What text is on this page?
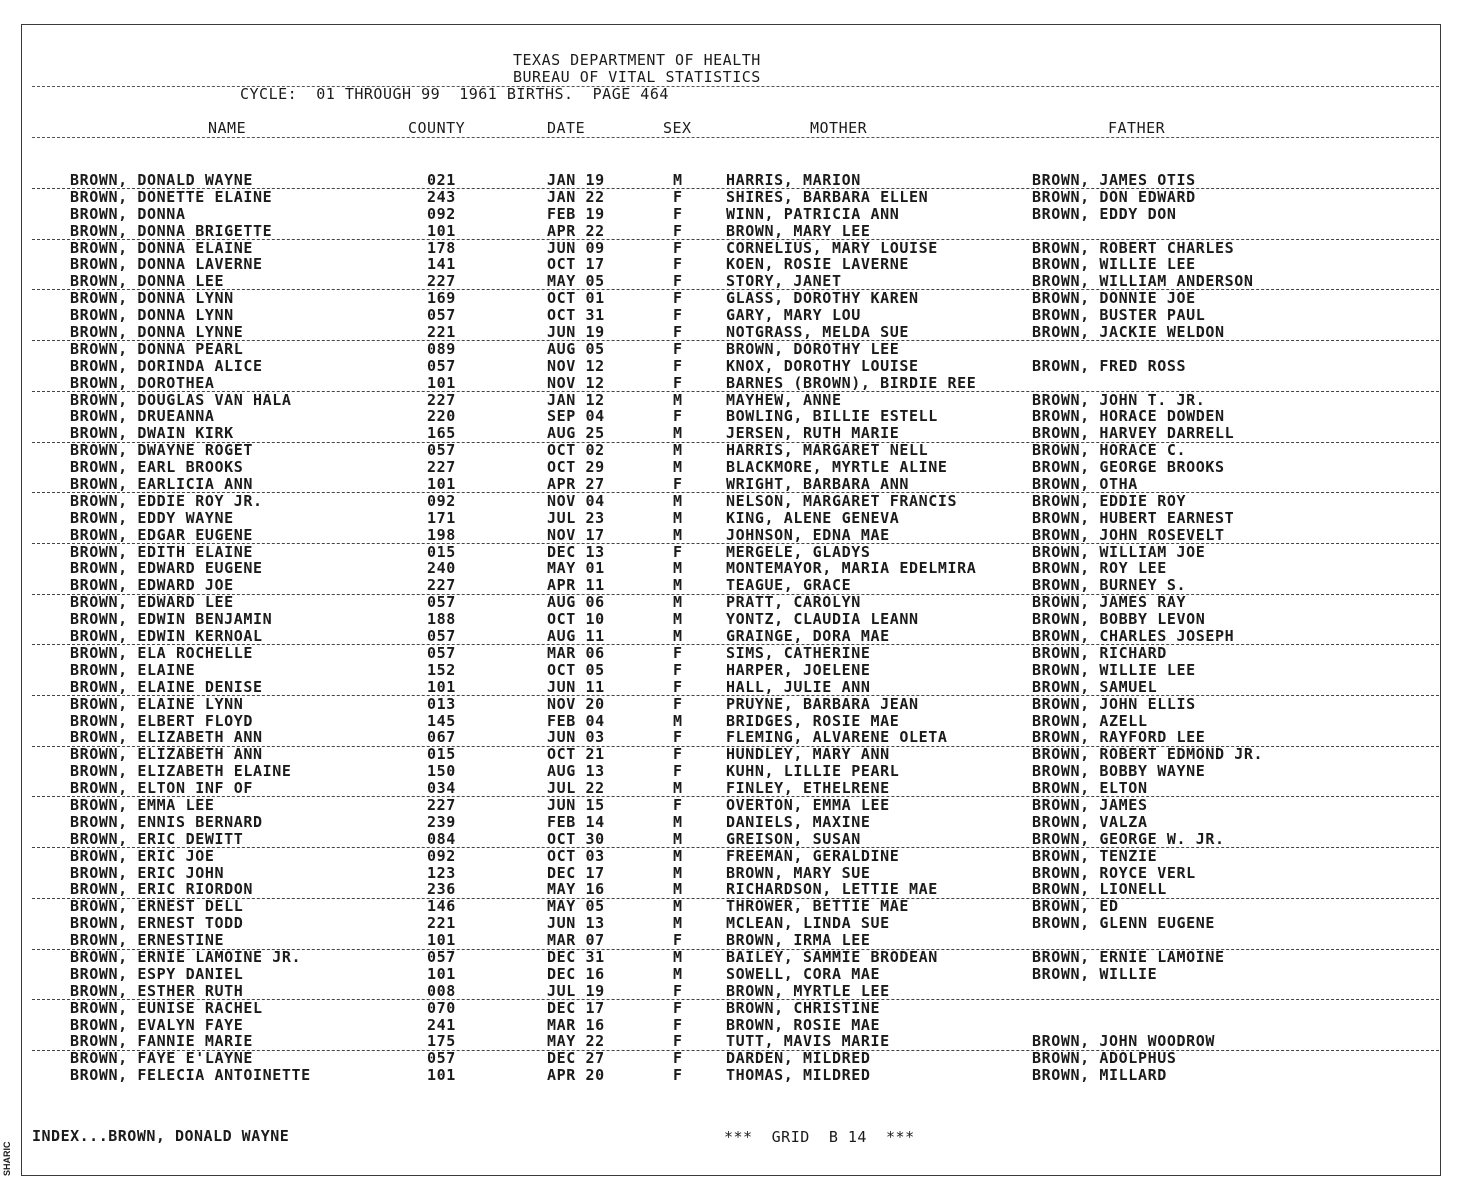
TEXAS DEPARTMENT OF HEALTH
BUREAU OF VITAL STATISTICS
CYCLE:  01 THROUGH 99  1961 BIRTHS.  PAGE 464
NAME	COUNTY	DATE	SEX	MOTHER	FATHER
BROWN, DONALD WAYNE	021	JAN 19	M	HARRIS, MARION	BROWN, JAMES OTIS
BROWN, DONETTE ELAINE	243	JAN 22	F	SHIRES, BARBARA ELLEN	BROWN, DON EDWARD
BROWN, DONNA	092	FEB 19	F	WINN, PATRICIA ANN	BROWN, EDDY DON
BROWN, DONNA BRIGETTE	101	APR 22	F	BROWN, MARY LEE
BROWN, DONNA ELAINE	178	JUN 09	F	CORNELIUS, MARY LOUISE	BROWN, ROBERT CHARLES
BROWN, DONNA LAVERNE	141	OCT 17	F	KOEN, ROSIE LAVERNE	BROWN, WILLIE LEE
BROWN, DONNA LEE	227	MAY 05	F	STORY, JANET	BROWN, WILLIAM ANDERSON
BROWN, DONNA LYNN	169	OCT 01	F	GLASS, DOROTHY KAREN	BROWN, DONNIE JOE
BROWN, DONNA LYNN	057	OCT 31	F	GARY, MARY LOU	BROWN, BUSTER PAUL
BROWN, DONNA LYNNE	221	JUN 19	F	NOTGRASS, MELDA SUE	BROWN, JACKIE WELDON
BROWN, DONNA PEARL	089	AUG 05	F	BROWN, DOROTHY LEE
BROWN, DORINDA ALICE	057	NOV 12	F	KNOX, DOROTHY LOUISE	BROWN, FRED ROSS
BROWN, DOROTHEA	101	NOV 12	F	BARNES (BROWN), BIRDIE REE
BROWN, DOUGLAS VAN HALA	227	JAN 12	M	MAYHEW, ANNE	BROWN, JOHN T. JR.
BROWN, DRUEANNA	220	SEP 04	F	BOWLING, BILLIE ESTELL	BROWN, HORACE DOWDEN
BROWN, DWAIN KIRK	165	AUG 25	M	JERSEN, RUTH MARIE	BROWN, HARVEY DARRELL
BROWN, DWAYNE ROGET	057	OCT 02	M	HARRIS, MARGARET NELL	BROWN, HORACE C.
BROWN, EARL BROOKS	227	OCT 29	M	BLACKMORE, MYRTLE ALINE	BROWN, GEORGE BROOKS
BROWN, EARLICIA ANN	101	APR 27	F	WRIGHT, BARBARA ANN	BROWN, OTHA
BROWN, EDDIE ROY JR.	092	NOV 04	M	NELSON, MARGARET FRANCIS	BROWN, EDDIE ROY
BROWN, EDDY WAYNE	171	JUL 23	M	KING, ALENE GENEVA	BROWN, HUBERT EARNEST
BROWN, EDGAR EUGENE	198	NOV 17	M	JOHNSON, EDNA MAE	BROWN, JOHN ROSEVELT
BROWN, EDITH ELAINE	015	DEC 13	F	MERGELE, GLADYS	BROWN, WILLIAM JOE
BROWN, EDWARD EUGENE	240	MAY 01	M	MONTEMAYOR, MARIA EDELMIRA	BROWN, ROY LEE
BROWN, EDWARD JOE	227	APR 11	M	TEAGUE, GRACE	BROWN, BURNEY S.
BROWN, EDWARD LEE	057	AUG 06	M	PRATT, CAROLYN	BROWN, JAMES RAY
BROWN, EDWIN BENJAMIN	188	OCT 10	M	YONTZ, CLAUDIA LEANN	BROWN, BOBBY LEVON
BROWN, EDWIN KERNOAL	057	AUG 11	M	GRAINGE, DORA MAE	BROWN, CHARLES JOSEPH
BROWN, ELA ROCHELLE	057	MAR 06	F	SIMS, CATHERINE	BROWN, RICHARD
BROWN, ELAINE	152	OCT 05	F	HARPER, JOELENE	BROWN, WILLIE LEE
BROWN, ELAINE DENISE	101	JUN 11	F	HALL, JULIE ANN	BROWN, SAMUEL
BROWN, ELAINE LYNN	013	NOV 20	F	PRUYNE, BARBARA JEAN	BROWN, JOHN ELLIS
BROWN, ELBERT FLOYD	145	FEB 04	M	BRIDGES, ROSIE MAE	BROWN, AZELL
BROWN, ELIZABETH ANN	067	JUN 03	F	FLEMING, ALVARENE OLETA	BROWN, RAYFORD LEE
BROWN, ELIZABETH ANN	015	OCT 21	F	HUNDLEY, MARY ANN	BROWN, ROBERT EDMOND JR.
BROWN, ELIZABETH ELAINE	150	AUG 13	F	KUHN, LILLIE PEARL	BROWN, BOBBY WAYNE
BROWN, ELTON INF OF	034	JUL 22	M	FINLEY, ETHELRENE	BROWN, ELTON
BROWN, EMMA LEE	227	JUN 15	F	OVERTON, EMMA LEE	BROWN, JAMES
BROWN, ENNIS BERNARD	239	FEB 14	M	DANIELS, MAXINE	BROWN, VALZA
BROWN, ERIC DEWITT	084	OCT 30	M	GREISON, SUSAN	BROWN, GEORGE W. JR.
BROWN, ERIC JOE	092	OCT 03	M	FREEMAN, GERALDINE	BROWN, TENZIE
BROWN, ERIC JOHN	123	DEC 17	M	BROWN, MARY SUE	BROWN, ROYCE VERL
BROWN, ERIC RIORDON	236	MAY 16	M	RICHARDSON, LETTIE MAE	BROWN, LIONELL
BROWN, ERNEST DELL	146	MAY 05	M	THROWER, BETTIE MAE	BROWN, ED
BROWN, ERNEST TODD	221	JUN 13	M	MCLEAN, LINDA SUE	BROWN, GLENN EUGENE
BROWN, ERNESTINE	101	MAR 07	F	BROWN, IRMA LEE
BROWN, ERNIE LAMOINE JR.	057	DEC 31	M	BAILEY, SAMMIE BRODEAN	BROWN, ERNIE LAMOINE
BROWN, ESPY DANIEL	101	DEC 16	M	SOWELL, CORA MAE	BROWN, WILLIE
BROWN, ESTHER RUTH	008	JUL 19	F	BROWN, MYRTLE LEE
BROWN, EUNISE RACHEL	070	DEC 17	F	BROWN, CHRISTINE
BROWN, EVALYN FAYE	241	MAR 16	F	BROWN, ROSIE MAE
BROWN, FANNIE MARIE	175	MAY 22	F	TUTT, MAVIS MARIE	BROWN, JOHN WOODROW
BROWN, FAYE E'LAYNE	057	DEC 27	F	DARDEN, MILDRED	BROWN, ADOLPHUS
BROWN, FELECIA ANTOINETTE	101	APR 20	F	THOMAS, MILDRED	BROWN, MILLARD
INDEX...BROWN, DONALD WAYNE	***  GRID  B 14  ***
SHARIC
